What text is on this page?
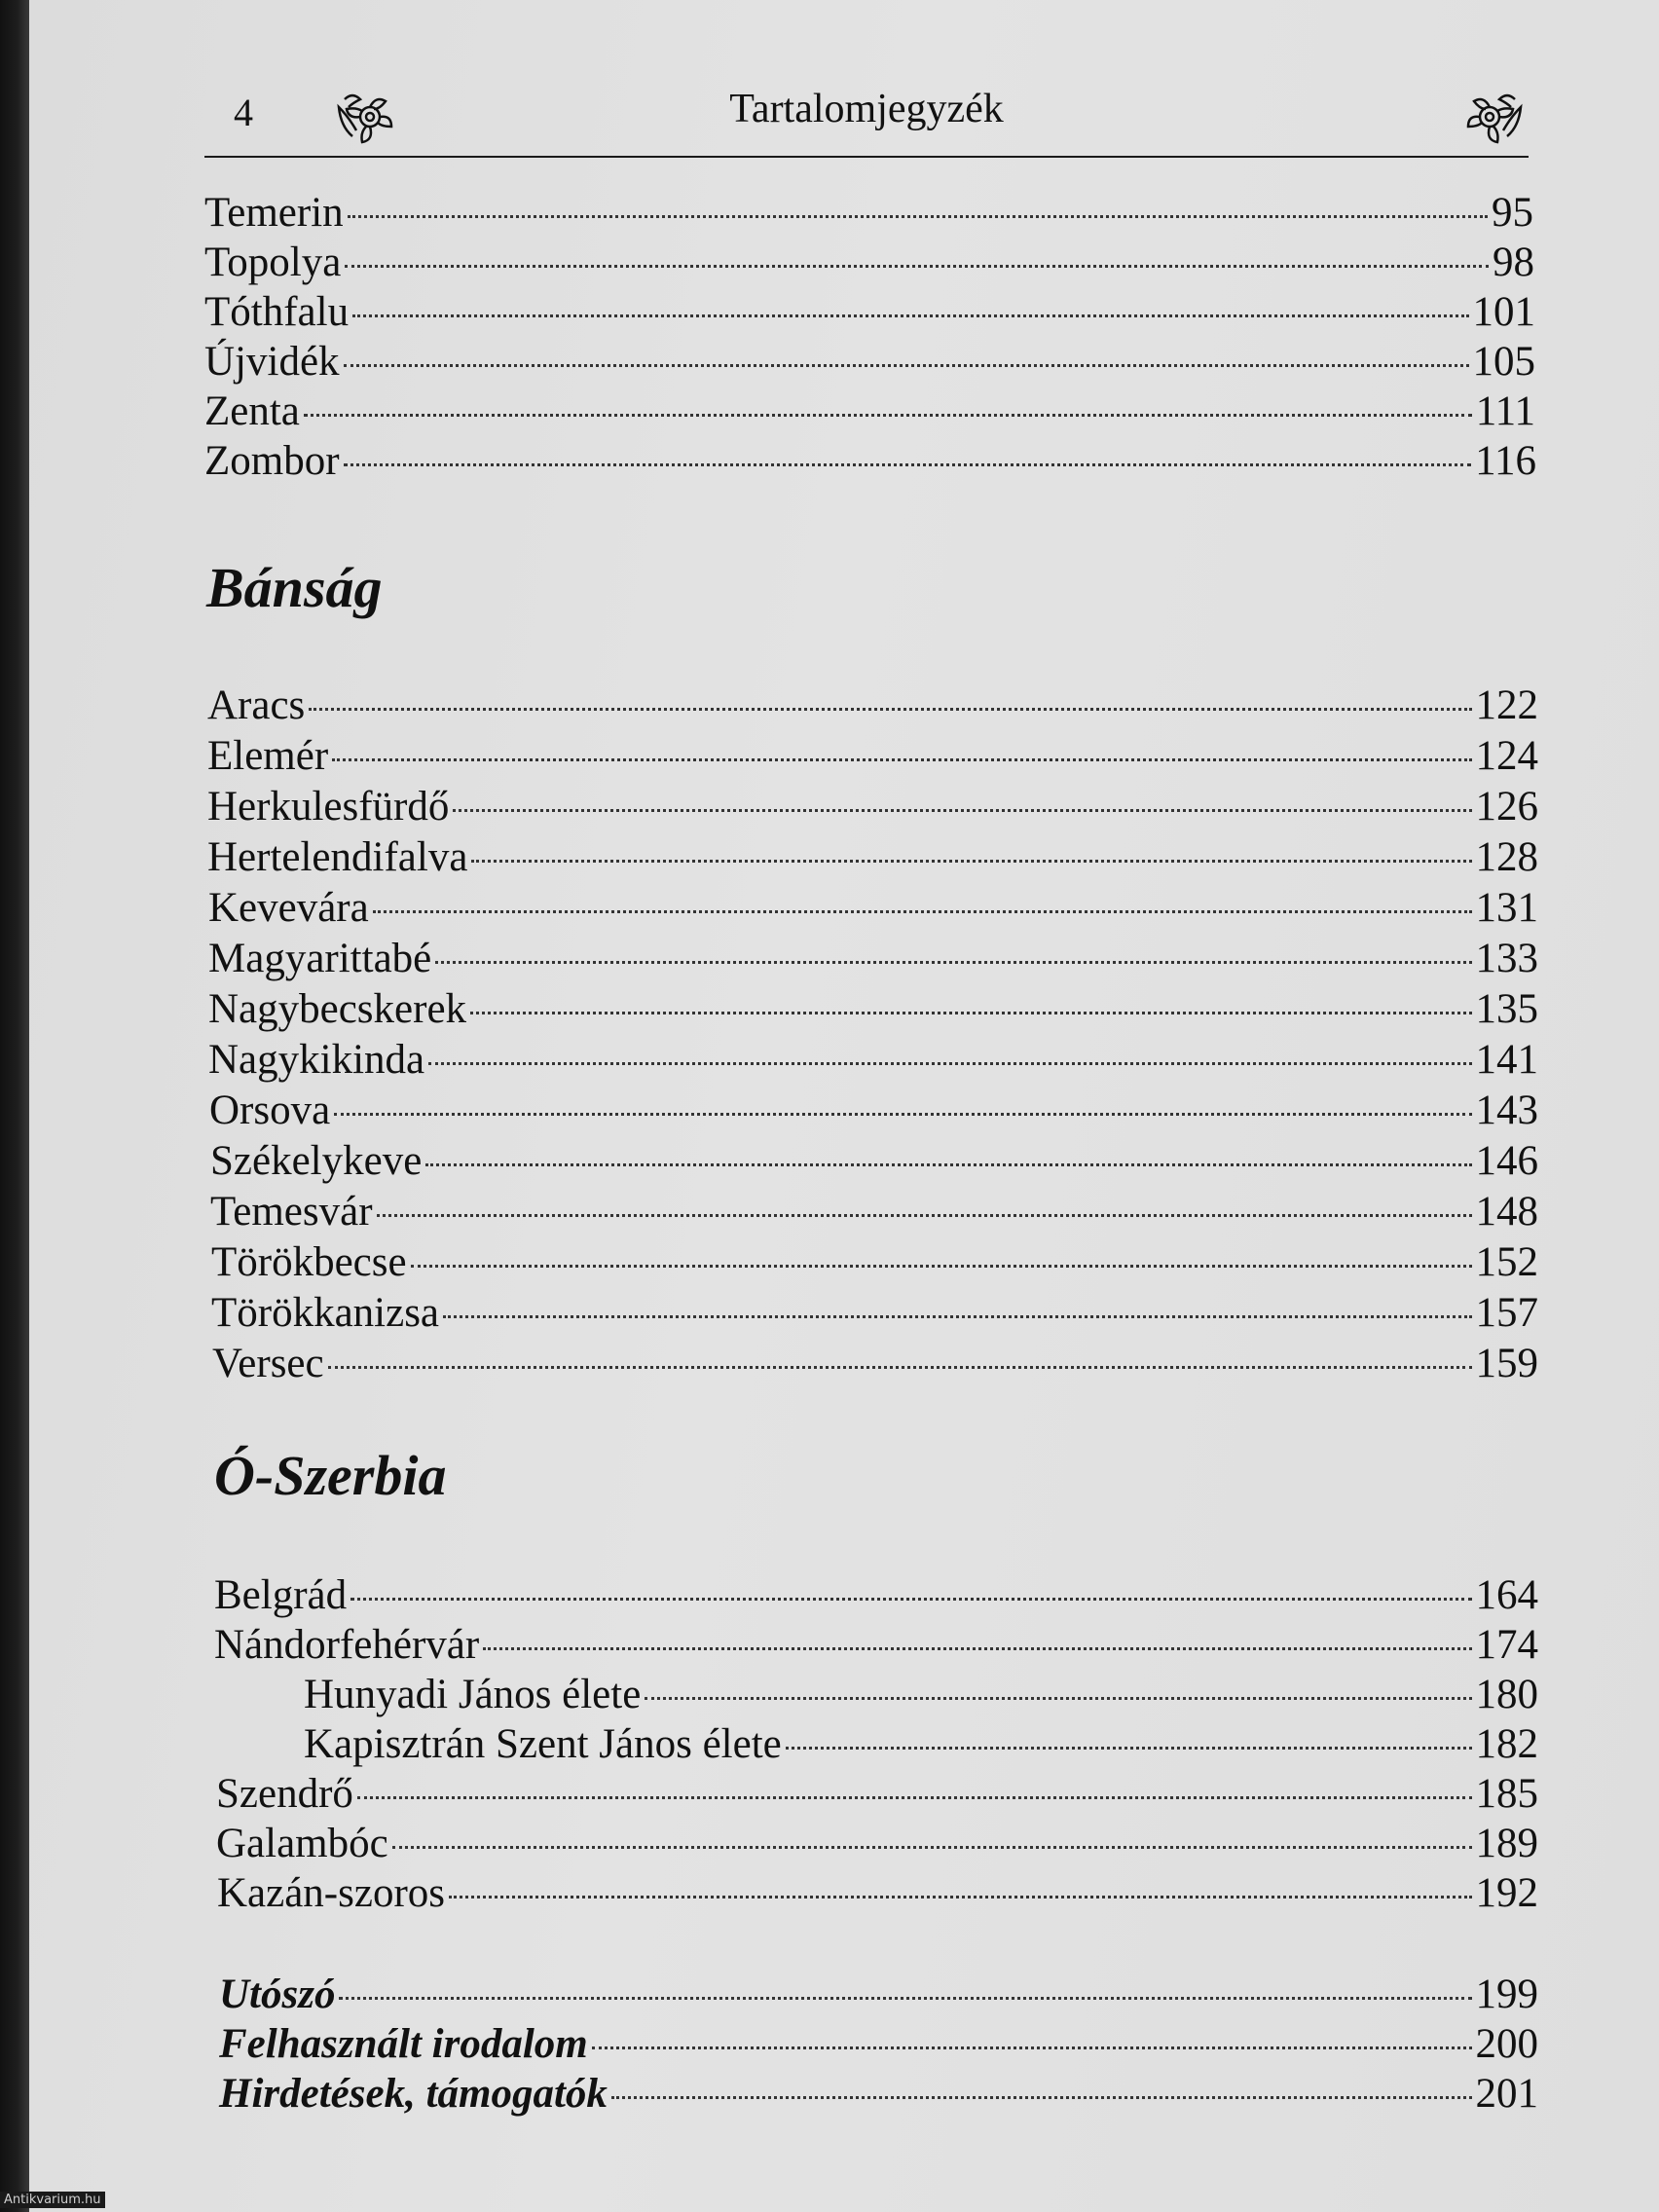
4	Tartalomjegyzék
Temerin	95
Topolya	98
Tóthfalu	101
Újvidék	105
Zenta	111
Zombor	116
Bánság
Aracs	122
Elemér	124
Herkulesfürdő	126
Hertelendifalva	128
Kevevára	131
Magyarittabé	133
Nagybecskerek	135
Nagykikinda	141
Orsova	143
Székelykeve	146
Temesvár	148
Törökbecse	152
Törökkanizsa	157
Versec	159
Ó-Szerbia
Belgrád	164
Nándorfehérvár	174
Hunyadi János élete	180
Kapisztrán Szent János élete	182
Szendrő	185
Galambóc	189
Kazán-szoros	192
Utószó	199
Felhasznált irodalom	200
Hirdetések, támogatók	201
Antikvarium.hu
